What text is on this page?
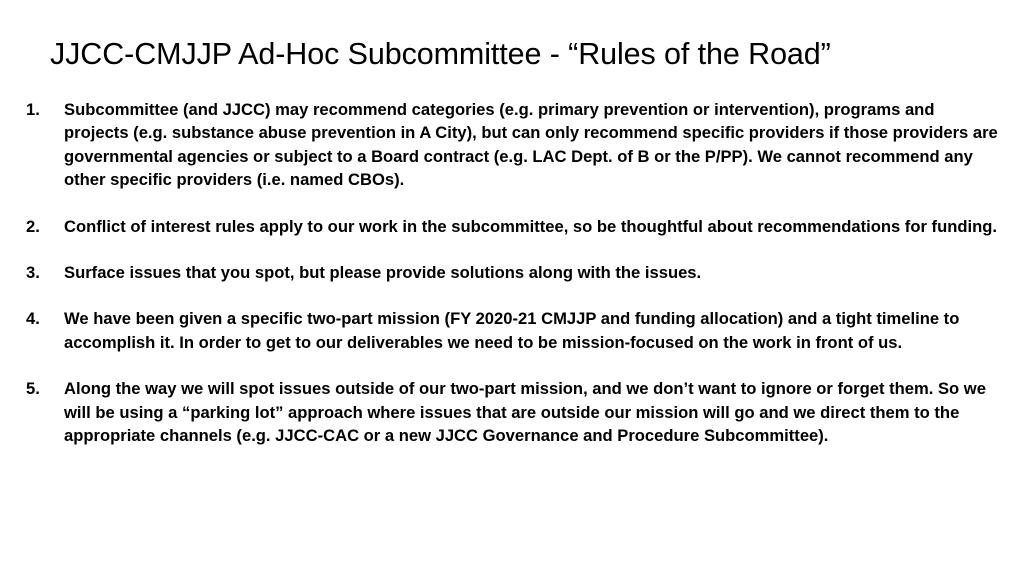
JJCC-CMJJP Ad-Hoc Subcommittee - “Rules of the Road”
1.	Subcommittee (and JJCC) may recommend categories (e.g. primary prevention or intervention), programs and projects (e.g. substance abuse prevention in A City), but can only recommend specific providers if those providers are governmental agencies or subject to a Board contract (e.g. LAC Dept. of B or the P/PP). We cannot recommend any other specific providers (i.e. named CBOs).
2.	Conflict of interest rules apply to our work in the subcommittee, so be thoughtful about recommendations for funding.
3.	Surface issues that you spot, but please provide solutions along with the issues.
4.	We have been given a specific two-part mission (FY 2020-21 CMJJP and funding allocation) and a tight timeline to accomplish it. In order to get to our deliverables we need to be mission-focused on the work in front of us.
5.	Along the way we will spot issues outside of our two-part mission, and we don’t want to ignore or forget them. So we will be using a “parking lot” approach where issues that are outside our mission will go and we direct them to the appropriate channels (e.g. JJCC-CAC or a new JJCC Governance and Procedure Subcommittee).
